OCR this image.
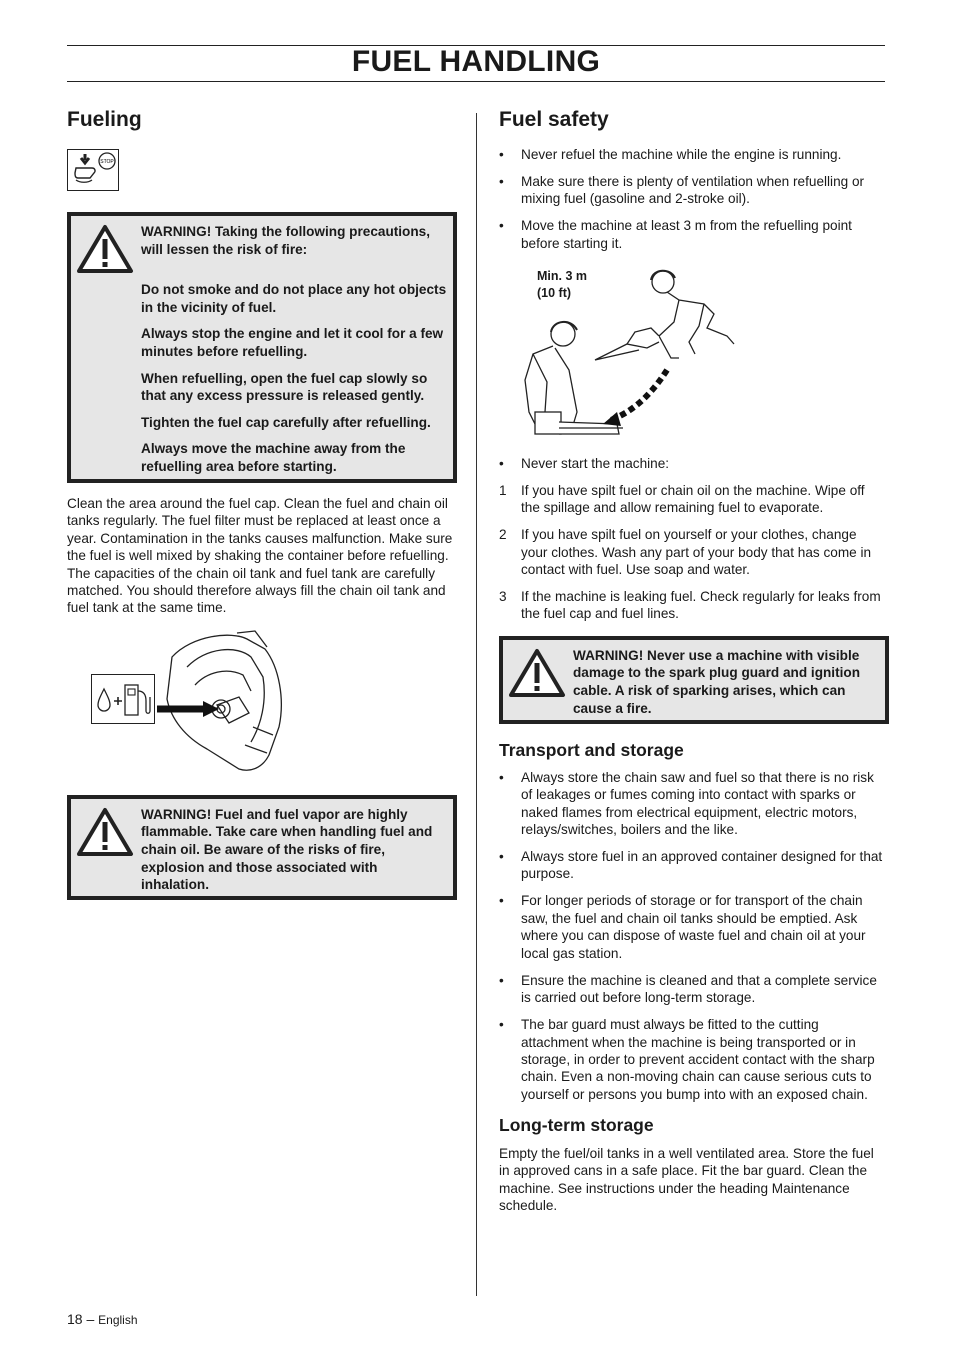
FUEL HANDLING
Fueling
STOP

WARNING! Taking the following precautions, will lessen the risk of fire:

Do not smoke and do not place any hot objects in the vicinity of fuel.

Always stop the engine and let it cool for a few minutes before refuelling.

When refuelling, open the fuel cap slowly so that any excess pressure is released gently.

Tighten the fuel cap carefully after refuelling.

Always move the machine away from the refuelling area before starting.

Clean the area around the fuel cap. Clean the fuel and chain oil tanks regularly. The fuel filter must be replaced at least once a year. Contamination in the tanks causes malfunction. Make sure the fuel is well mixed by shaking the container before refuelling. The capacities of the chain oil tank and fuel tank are carefully matched. You should therefore always fill the chain oil tank and fuel tank at the same time.

WARNING! Fuel and fuel vapor are highly flammable. Take care when handling fuel and chain oil. Be aware of the risks of fire, explosion and those associated with inhalation.

Fuel safety
• Never refuel the machine while the engine is running.
• Make sure there is plenty of ventilation when refuelling or mixing fuel (gasoline and 2-stroke oil).
• Move the machine at least 3 m from the refuelling point before starting it.
Min. 3 m
(10 ft)
• Never start the machine:
1 If you have spilt fuel or chain oil on the machine. Wipe off the spillage and allow remaining fuel to evaporate.
2 If you have spilt fuel on yourself or your clothes, change your clothes. Wash any part of your body that has come in contact with fuel. Use soap and water.
3 If the machine is leaking fuel. Check regularly for leaks from the fuel cap and fuel lines.

WARNING! Never use a machine with visible damage to the spark plug guard and ignition cable. A risk of sparking arises, which can cause a fire.

Transport and storage
• Always store the chain saw and fuel so that there is no risk of leakages or fumes coming into contact with sparks or naked flames from electrical equipment, electric motors, relays/switches, boilers and the like.
• Always store fuel in an approved container designed for that purpose.
• For longer periods of storage or for transport of the chain saw, the fuel and chain oil tanks should be emptied. Ask where you can dispose of waste fuel and chain oil at your local gas station.
• Ensure the machine is cleaned and that a complete service is carried out before long-term storage.
• The bar guard must always be fitted to the cutting attachment when the machine is being transported or in storage, in order to prevent accident contact with the sharp chain. Even a non-moving chain can cause serious cuts to yourself or persons you bump into with an exposed chain.
Long-term storage

Empty the fuel/oil tanks in a well ventilated area. Store the fuel in approved cans in a safe place. Fit the bar guard. Clean the machine. See instructions under the heading Maintenance schedule.

18 – English
